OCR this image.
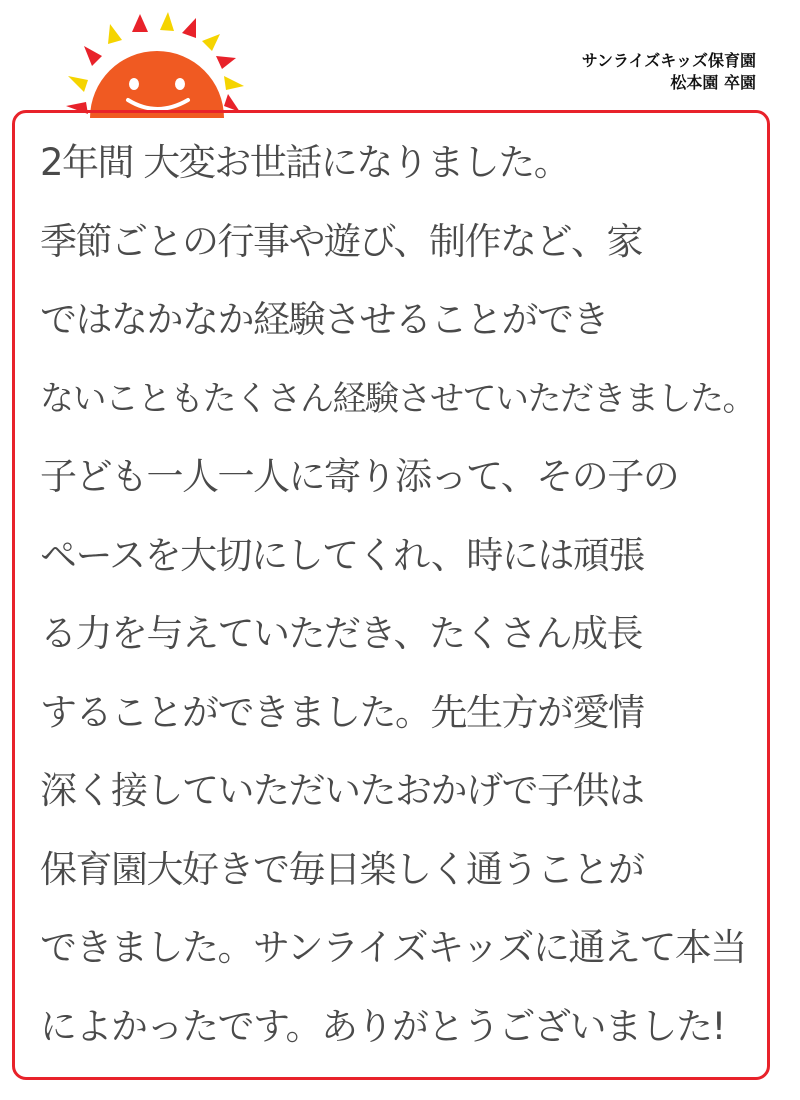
サンライズキッズ保育園
松本園 卒園
2年間 大変お世話になりました。
季節ごとの行事や遊び、制作など、家
ではなかなか経験させることができ
ないこともたくさん経験させていただきました。
子ども一人一人に寄り添って、その子の
ペースを大切にしてくれ、時には頑張
る力を与えていただき、たくさん成長
することができました。先生方が愛情
深く接していただいたおかげで子供は
保育園大好きで毎日楽しく通うことが
できました。サンライズキッズに通えて本当
によかったです。ありがとうございました!
